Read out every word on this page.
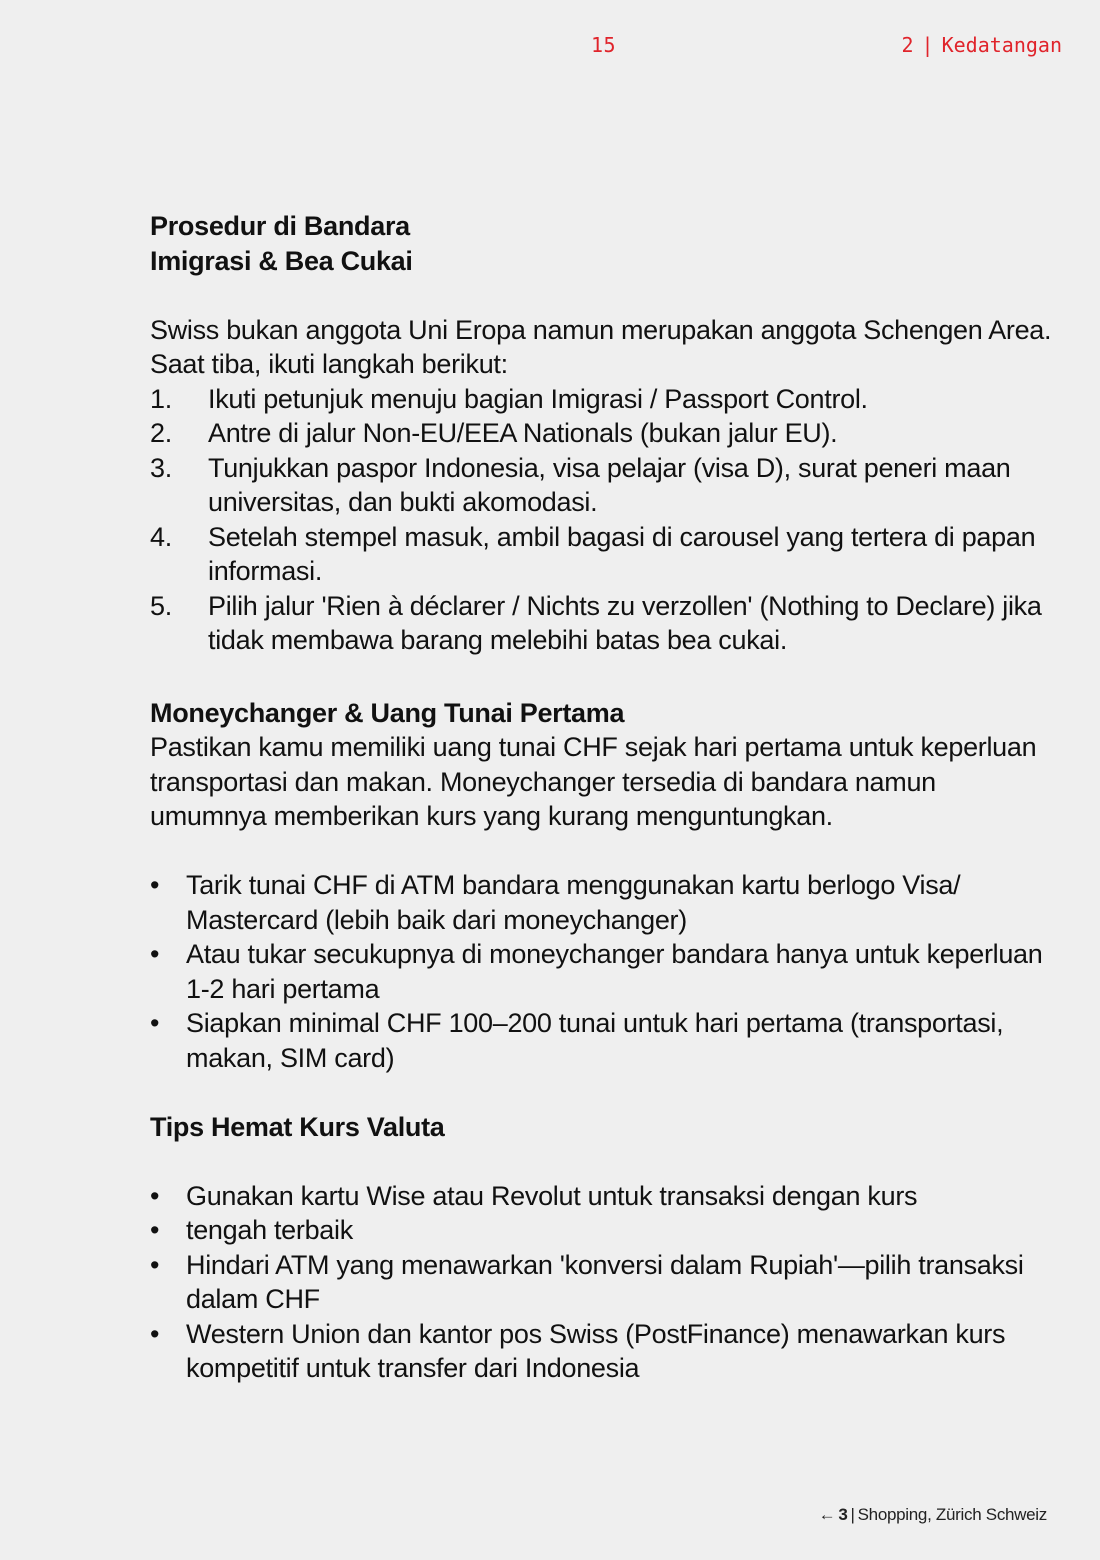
15	2 | Kedatangan
Prosedur di Bandara
Imigrasi & Bea Cukai

Swiss bukan anggota Uni Eropa namun merupakan anggota Schengen Area. Saat tiba, ikuti langkah berikut:

1. Ikuti petunjuk menuju bagian Imigrasi / Passport Control.
2. Antre di jalur Non-EU/EEA Nationals (bukan jalur EU).
3. Tunjukkan paspor Indonesia, visa pelajar (visa D), surat peneri maan universitas, dan bukti akomodasi.
4. Setelah stempel masuk, ambil bagasi di carousel yang tertera di papan informasi.
5. Pilih jalur 'Rien à déclarer / Nichts zu verzollen' (Nothing to Declare) jika tidak membawa barang melebihi batas bea cukai.
Moneychanger & Uang Tunai Pertama

Pastikan kamu memiliki uang tunai CHF sejak hari pertama untuk keperluan transportasi dan makan. Moneychanger tersedia di bandara namun umumnya memberikan kurs yang kurang menguntungkan.

• Tarik tunai CHF di ATM bandara menggunakan kartu berlogo Visa/ Mastercard (lebih baik dari moneychanger)
• Atau tukar secukupnya di moneychanger bandara hanya untuk keperluan 1-2 hari pertama
• Siapkan minimal CHF 100–200 tunai untuk hari pertama (transportasi, makan, SIM card)
Tips Hemat Kurs Valuta
• Gunakan kartu Wise atau Revolut untuk transaksi dengan kurs
• tengah terbaik
• Hindari ATM yang menawarkan 'konversi dalam Rupiah'—pilih transaksi dalam CHF
• Western Union dan kantor pos Swiss (PostFinance) menawarkan kurs kompetitif untuk transfer dari Indonesia
← 3 | Shopping, Zürich Schweiz
